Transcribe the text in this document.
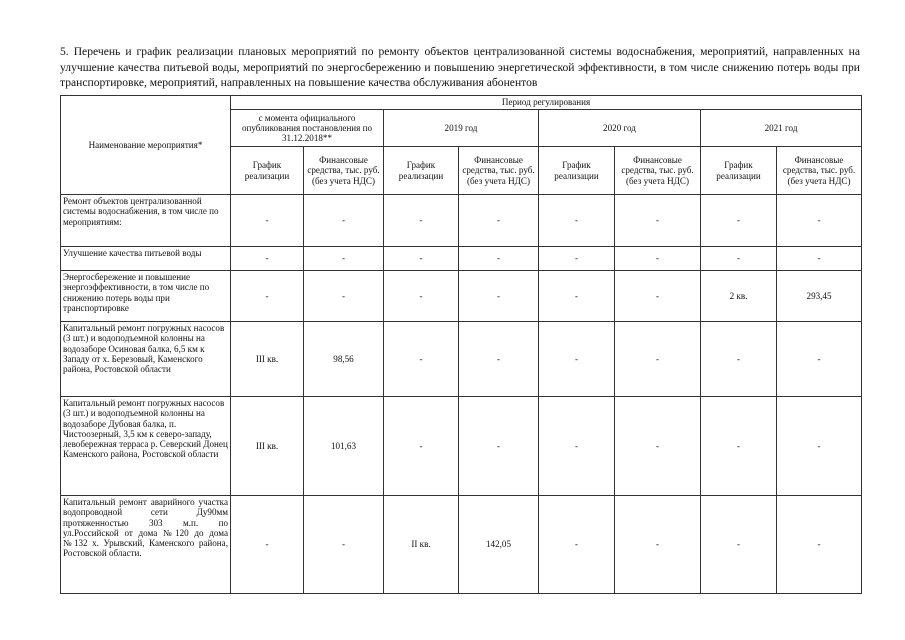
5. Перечень и график реализации плановых мероприятий по ремонту объектов централизованной системы водоснабжения, мероприятий, направленных на улучшение качества питьевой воды, мероприятий по энергосбережению и повышению энергетической эффективности, в том числе снижению потерь воды при транспортировке, мероприятий, направленных на повышение качества обслуживания абонентов
Наименование мероприятия*	Период регулирования							
	с момента официального опубликования постановления по 31.12.2018**		2019 год		2020 год		2021 год	
	График реализации	Финансовые средства, тыс. руб. (без учета НДС)	График реализации	Финансовые средства, тыс. руб. (без учета НДС)	График реализации	Финансовые средства, тыс. руб. (без учета НДС)	График реализации	Финансовые средства, тыс. руб. (без учета НДС)
Ремонт объектов централизованной системы водоснабжения, в том числе по мероприятиям:	-	-	-	-	-	-	-	-
Улучшение качества питьевой воды	-	-	-	-	-	-	-	-
Энергосбережение и повышение энергоэффективности, в том числе по снижению потерь воды при транспортировке	-	-	-	-	-	-	2 кв.	293,45
Капитальный ремонт погружных насосов (3 шт.) и водоподъемной колонны на водозаборе Осиновая балка, 6,5 км к Западу от х. Березовый, Каменского района, Ростовской области	III кв.	98,56	-	-	-	-	-	-
Капитальный ремонт погружных насосов (3 шт.) и водоподъемной колонны на водозаборе Дубовая балка, п. Чистоозерный, 3,5 км к северо-западу, левобережная терраса р. Северский Донец Каменского района, Ростовской области	III кв.	101,63	-	-	-	-	-	-
Капитальный ремонт аварийного участка водопроводной сети Ду90мм протяженностью 303 м.п. по ул.Российской от дома №120 до дома №132 х. Урывский, Каменского района, Ростовской области.	-	-	II кв.	142,05	-	-	-	-
